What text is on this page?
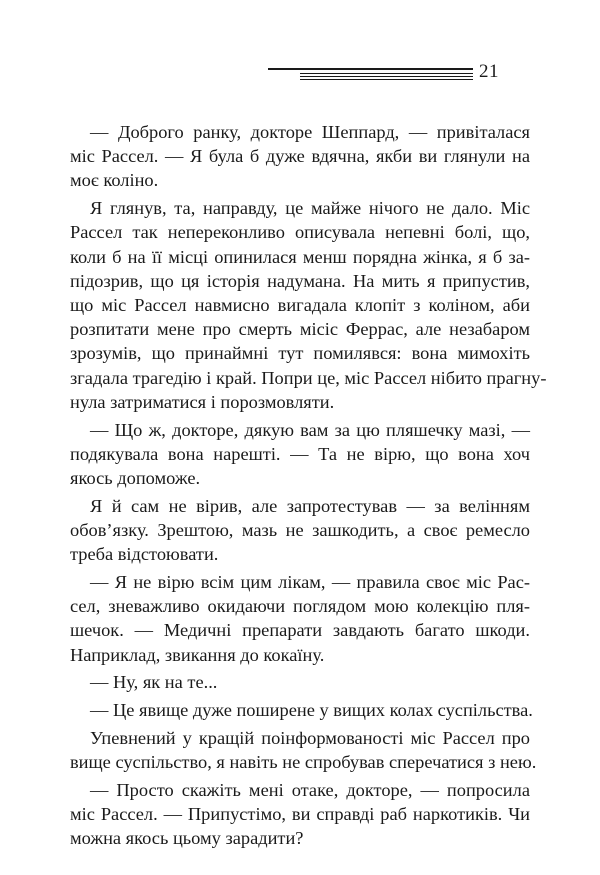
21
— Доброго ранку, докторе Шеппард, — привіталася
міс Рассел. — Я була б дуже вдячна, якби ви глянули на
моє коліно.
Я глянув, та, направду, це майже нічого не дало. Міс
Рассел так непереконливо описувала непевні болі, що,
коли б на її місці опинилася менш порядна жінка, я б за-
підозрив, що ця історія надумана. На мить я припустив,
що міс Рассел навмисно вигадала клопіт з коліном, аби
розпитати мене про смерть місіс Феррас, але незабаром
зрозумів, що принаймні тут помилявся: вона мимохіть
згадала трагедію і край. Попри це, міс Рассел нібито прагну-
нула затриматися і порозмовляти.
— Що ж, докторе, дякую вам за цю пляшечку мазі, —
подякувала вона нарешті. — Та не вірю, що вона хоч
якось допоможе.
Я й сам не вірив, але запротестував — за велінням
обов’язку. Зрештою, мазь не зашкодить, а своє ремесло
треба відстоювати.
— Я не вірю всім цим лікам, — правила своє міс Рас-
сел, зневажливо окидаючи поглядом мою колекцію пля-
шечок. — Медичні препарати завдають багато шкоди.
Наприклад, звикання до кокаїну.
— Ну, як на те...
— Це явище дуже поширене у вищих колах суспільства.
Упевнений у кращій поінформованості міс Рассел про
вище суспільство, я навіть не спробував сперечатися з нею.
— Просто скажіть мені отаке, докторе, — попросила
міс Рассел. — Припустімо, ви справді раб наркотиків. Чи
можна якось цьому зарадити?
